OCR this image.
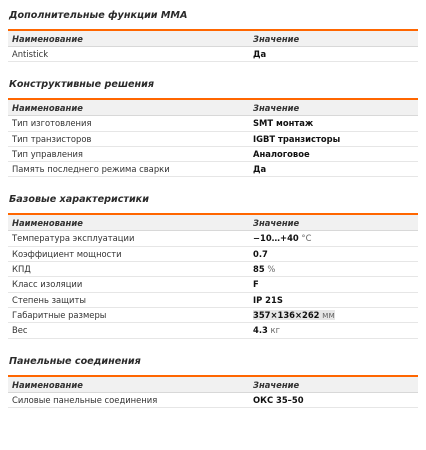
Дополнительные функции ММА
Наименование	Значение
Antistick	Да
Конструктивные решения
Наименование	Значение
Тип изготовления	SMT монтаж
Тип транзисторов	IGBT транзисторы
Тип управления	Аналоговое
Память последнего режима сварки	Да
Базовые характеристики
Наименование	Значение
Температура эксплуатации	−10…+40 °С
Коэффициент мощности	0.7
КПД	85 %
Класс изоляции	F
Степень защиты	IP 21S
Габаритные размеры	357×136×262 мм
Вес	4.3 кг
Панельные соединения
Наименование	Значение
Силовые панельные соединения	ОКС 35–50
